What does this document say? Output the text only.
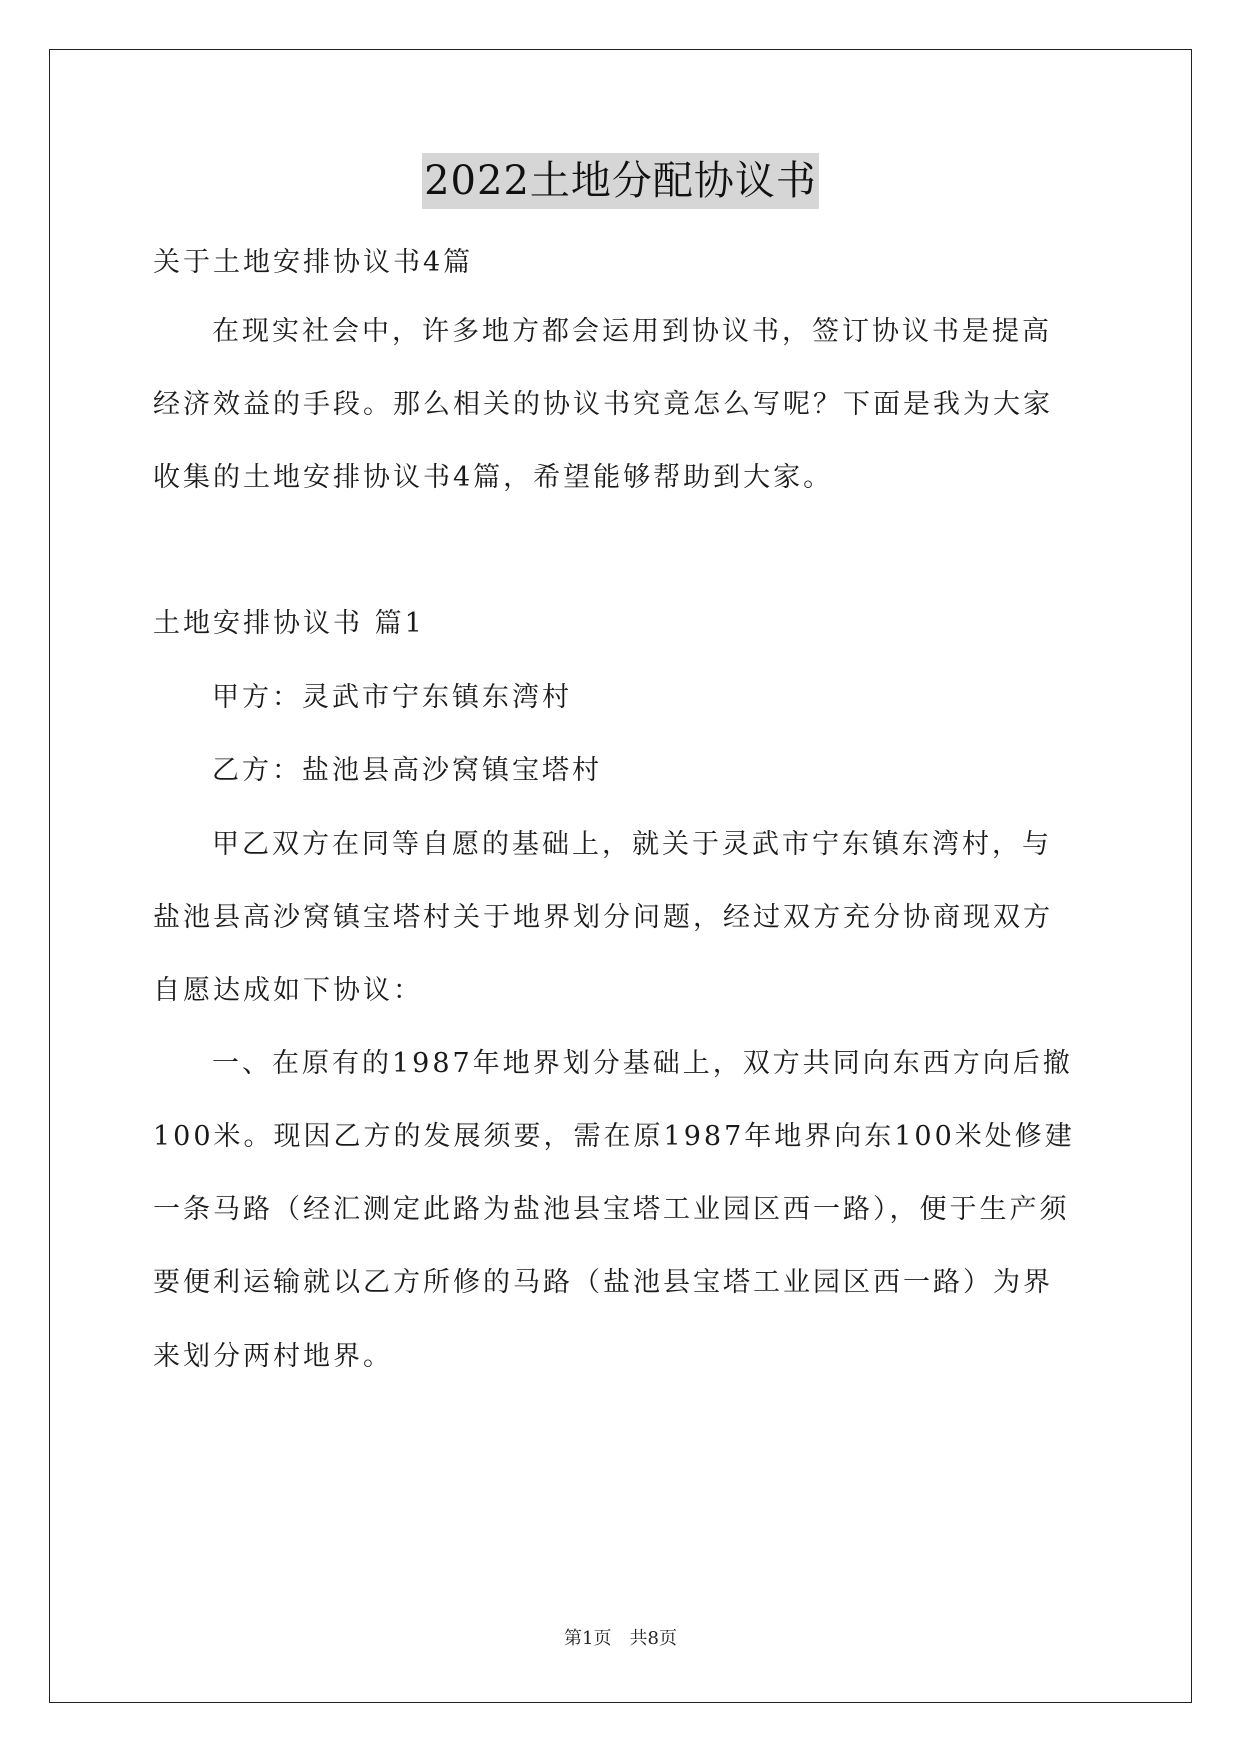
2022土地分配协议书
关于土地安排协议书4篇
在现实社会中，许多地方都会运用到协议书，签订协议书是提高
经济效益的手段。那么相关的协议书究竟怎么写呢？下面是我为大家
收集的土地安排协议书4篇，希望能够帮助到大家。
土地安排协议书 篇1
甲方：灵武市宁东镇东湾村
乙方：盐池县高沙窝镇宝塔村
甲乙双方在同等自愿的基础上，就关于灵武市宁东镇东湾村，与
盐池县高沙窝镇宝塔村关于地界划分问题，经过双方充分协商现双方
自愿达成如下协议：
一、在原有的1987年地界划分基础上，双方共同向东西方向后撤
100米。现因乙方的发展须要，需在原1987年地界向东100米处修建
一条马路（经汇测定此路为盐池县宝塔工业园区西一路），便于生产须
要便利运输就以乙方所修的马路（盐池县宝塔工业园区西一路）为界
来划分两村地界。
第1页　共8页
